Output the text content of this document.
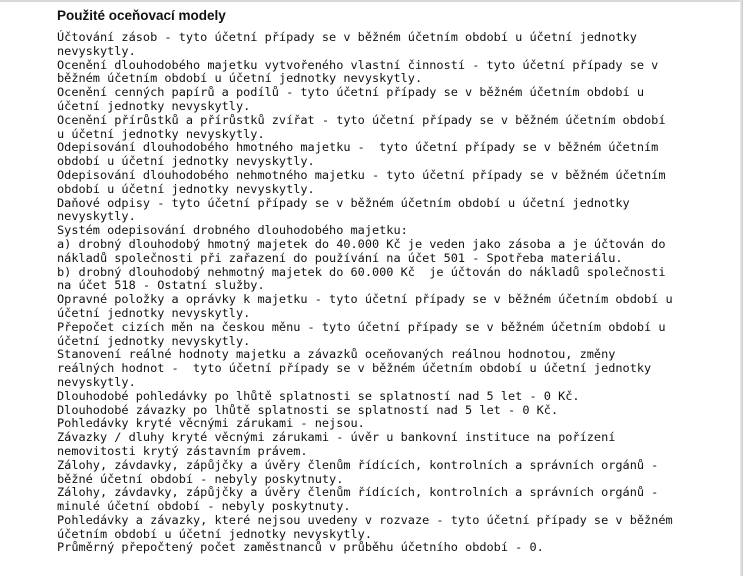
Použité oceňovací modely
Účtování zásob - tyto účetní případy se v běžném účetním období u účetní jednotky
nevyskytly.
Ocenění dlouhodobého majetku vytvořeného vlastní činností - tyto účetní případy se v
běžném účetním období u účetní jednotky nevyskytly.
Ocenění cenných papírů a podílů - tyto účetní případy se v běžném účetním období u
účetní jednotky nevyskytly.
Ocenění přírůstků a přírůstků zvířat - tyto účetní případy se v běžném účetním období
u účetní jednotky nevyskytly.
Odepisování dlouhodobého hmotného majetku -  tyto účetní případy se v běžném účetním
období u účetní jednotky nevyskytly.
Odepisování dlouhodobého nehmotného majetku - tyto účetní případy se v běžném účetním
období u účetní jednotky nevyskytly.
Daňové odpisy - tyto účetní případy se v běžném účetním období u účetní jednotky
nevyskytly.
Systém odepisování drobného dlouhodobého majetku:
a) drobný dlouhodobý hmotný majetek do 40.000 Kč je veden jako zásoba a je účtován do
nákladů společnosti při zařazení do používání na účet 501 - Spotřeba materiálu.
b) drobný dlouhodobý nehmotný majetek do 60.000 Kč  je účtován do nákladů společnosti
na účet 518 - Ostatní služby.
Opravné položky a oprávky k majetku - tyto účetní případy se v běžném účetním období u
účetní jednotky nevyskytly.
Přepočet cizích měn na českou měnu - tyto účetní případy se v běžném účetním období u
účetní jednotky nevyskytly.
Stanovení reálné hodnoty majetku a závazků oceňovaných reálnou hodnotou, změny
reálných hodnot -  tyto účetní případy se v běžném účetním období u účetní jednotky
nevyskytly.
Dlouhodobé pohledávky po lhůtě splatnosti se splatností nad 5 let - 0 Kč.
Dlouhodobé závazky po lhůtě splatnosti se splatností nad 5 let - 0 Kč.
Pohledávky kryté věcnými zárukami - nejsou.
Závazky / dluhy kryté věcnými zárukami - úvěr u bankovní instituce na pořízení
nemovitosti krytý zástavním právem.
Zálohy, závdavky, zápůjčky a úvěry členům řídících, kontrolních a správních orgánů -
běžné účetní období - nebyly poskytnuty.
Zálohy, závdavky, zápůjčky a úvěry členům řídících, kontrolních a správních orgánů -
minulé účetní období - nebyly poskytnuty.
Pohledávky a závazky, které nejsou uvedeny v rozvaze - tyto účetní případy se v běžném
účetním období u účetní jednotky nevyskytly.
Průměrný přepočtený počet zaměstnanců v průběhu účetního období - 0.
